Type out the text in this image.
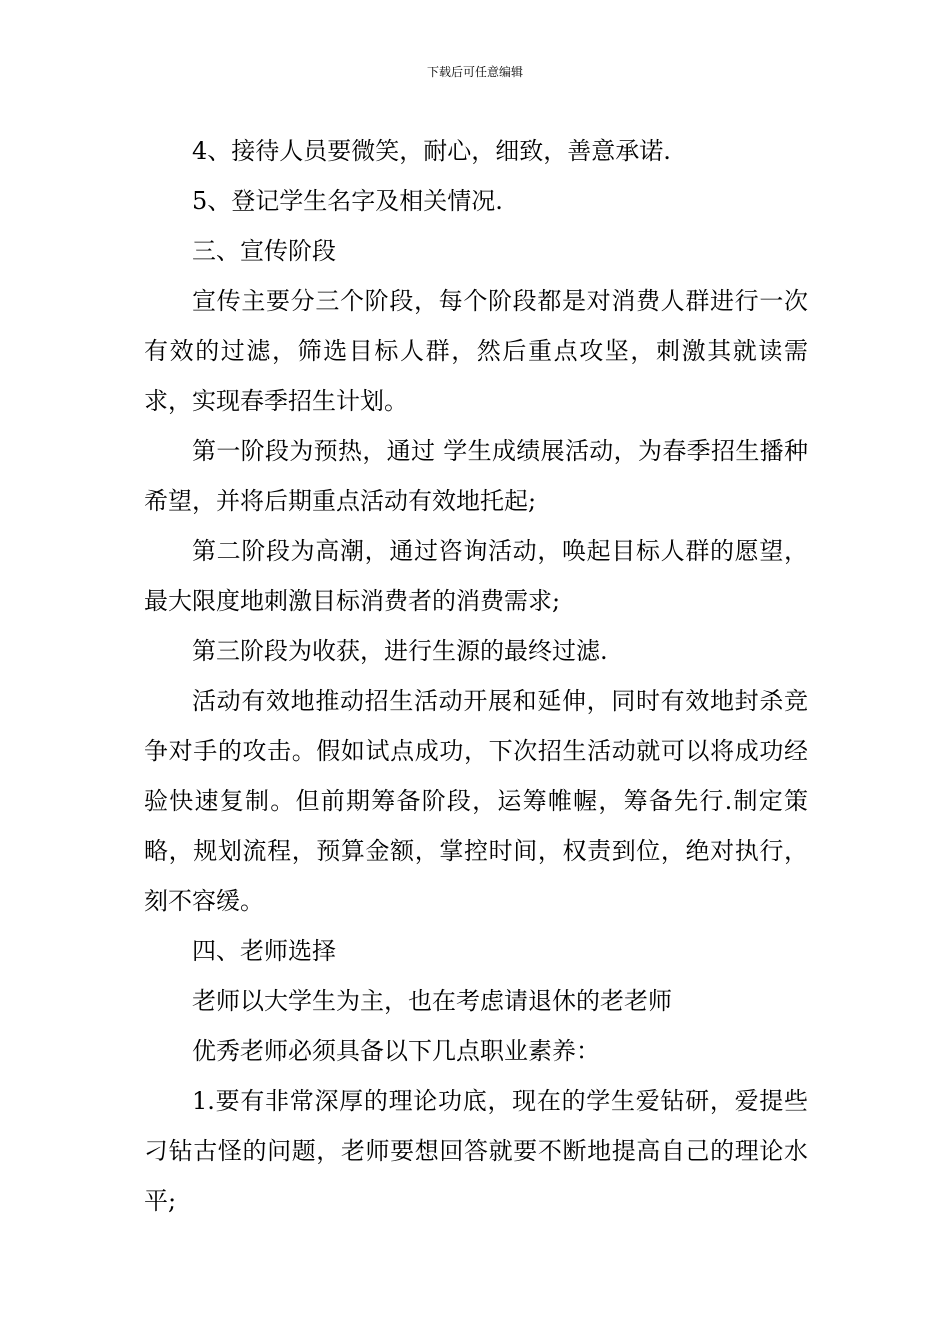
下载后可任意编辑

4、接待人员要微笑，耐心，细致，善意承诺.

5、登记学生名字及相关情况.

三、宣传阶段

宣传主要分三个阶段，每个阶段都是对消费人群进行一次有效的过滤，筛选目标人群，然后重点攻坚，刺激其就读需求，实现春季招生计划。

第一阶段为预热，通过 学生成绩展活动，为春季招生播种希望，并将后期重点活动有效地托起;

第二阶段为高潮，通过咨询活动，唤起目标人群的愿望，最大限度地刺激目标消费者的消费需求;

第三阶段为收获，进行生源的最终过滤.

活动有效地推动招生活动开展和延伸，同时有效地封杀竞争对手的攻击。假如试点成功，下次招生活动就可以将成功经验快速复制。但前期筹备阶段，运筹帷幄，筹备先行.制定策略，规划流程，预算金额，掌控时间，权责到位，绝对执行，刻不容缓。

四、老师选择

老师以大学生为主，也在考虑请退休的老老师

优秀老师必须具备以下几点职业素养：

1.要有非常深厚的理论功底，现在的学生爱钻研，爱提些刁钻古怪的问题，老师要想回答就要不断地提高自己的理论水平;
